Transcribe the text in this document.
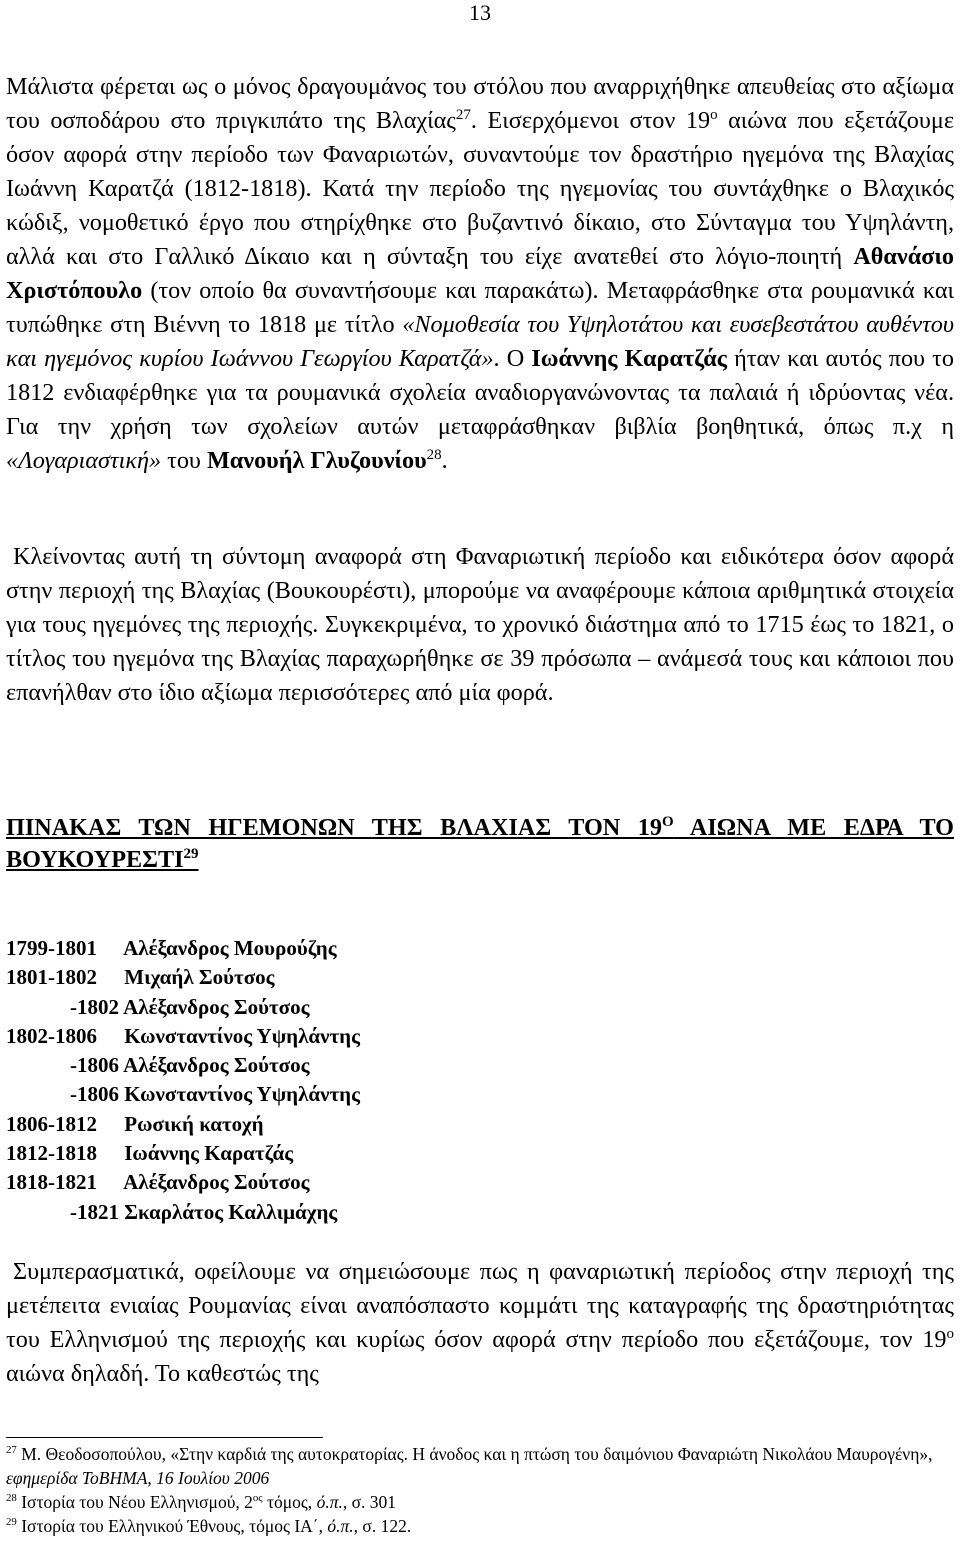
13

Μάλιστα φέρεται ως ο μόνος δραγουμάνος του στόλου που αναρριχήθηκε απευθείας στο αξίωμα του οσποδάρου στο πριγκιπάτο της Βλαχίας$^{27}$. Εισερχόμενοι στον $19^o$ αιώνα που εξετάζουμε όσον αφορά στην περίοδο των Φαναριωτών, συναντούμε τον δραστήριο ηγεμόνα της Βλαχίας Ιωάννη Καρατζά (1812-1818). Κατά την περίοδο της ηγεμονίας του συντάχθηκε ο Βλαχικός κώδιξ, νομοθετικό έργο που στηρίχθηκε στο βυζαντινό δίκαιο, στο Σύνταγμα του Υψηλάντη, αλλά και στο Γαλλικό Δίκαιο και η σύνταξη του είχε ανατεθεί στο λόγιο-ποιητή Αθανάσιο Χριστόπουλο (τον οποίο θα συναντήσουμε και παρακάτω). Μεταφράσθηκε στα ρουμανικά και τυπώθηκε στη Βιέννη το 1818 με τίτλο «Νομοθεσία του Υψηλοτάτου και ευσεβεστάτου αυθέντου και ηγεμόνος κυρίου Ιωάννου Γεωργίου Καρατζά». Ο Ιωάννης Καρατζάς ήταν και αυτός που το 1812 ενδιαφέρθηκε για τα ρουμανικά σχολεία αναδιοργανώνοντας τα παλαιά ή ιδρύοντας νέα. Για την χρήση των σχολείων αυτών μεταφράσθηκαν βιβλία βοηθητικά, όπως π.χ η «Λογαριαστική» του Μανουήλ Γλυζουνίου$^{28}$.

Κλείνοντας αυτή τη σύντομη αναφορά στη Φαναριωτική περίοδο και ειδικότερα όσον αφορά στην περιοχή της Βλαχίας (Βουκουρέστι), μπορούμε να αναφέρουμε κάποια αριθμητικά στοιχεία για τους ηγεμόνες της περιοχής. Συγκεκριμένα, το χρονικό διάστημα από το 1715 έως το 1821, ο τίτλος του ηγεμόνα της Βλαχίας παραχωρήθηκε σε 39 πρόσωπα – ανάμεσά τους και κάποιοι που επανήλθαν στο ίδιο αξίωμα περισσότερες από μία φορά.

ΠΙΝΑΚΑΣ ΤΩΝ ΗΓΕΜΟΝΩΝ ΤΗΣ ΒΛΑΧΙΑΣ ΤΟΝ $19^O$ ΑΙΩΝΑ ΜΕ ΕΔΡΑ ΤΟ ΒΟΥΚΟΥΡΕΣΤΙ$^{29}$

1799-1801 Αλέξανδρος Μουρούζης
1801-1802 Μιχαήλ Σούτσος
-1802 Αλέξανδρος Σούτσος
1802-1806 Κωνσταντίνος Υψηλάντης
-1806 Αλέξανδρος Σούτσος
-1806 Κωνσταντίνος Υψηλάντης
1806-1812 Ρωσική κατοχή
1812-1818 Ιωάννης Καρατζάς
1818-1821 Αλέξανδρος Σούτσος
-1821 Σκαρλάτος Καλλιμάχης

Συμπερασματικά, οφείλουμε να σημειώσουμε πως η φαναριωτική περίοδος στην περιοχή της μετέπειτα ενιαίας Ρουμανίας είναι αναπόσπαστο κομμάτι της καταγραφής της δραστηριότητας του Ελληνισμού της περιοχής και κυρίως όσον αφορά στην περίοδο που εξετάζουμε, τον $19^o$ αιώνα δηλαδή. Το καθεστώς της

$^{27}$ Μ. Θεοδοσοπούλου, «Στην καρδιά της αυτοκρατορίας. Η άνοδος και η πτώση του δαιμόνιου Φαναριώτη Νικολάου Μαυρογένη», εφημερίδα ΤοΒΗΜΑ, 16 Ιουλίου 2006
$^{28}$ Ιστορία του Νέου Ελληνισμού, $2^{o\varsigma}$ τόμος, ό.π., σ. 301
$^{29}$ Ιστορία του Ελληνικού Έθνους, τόμος ΙΑ΄, ό.π., σ. 122.
